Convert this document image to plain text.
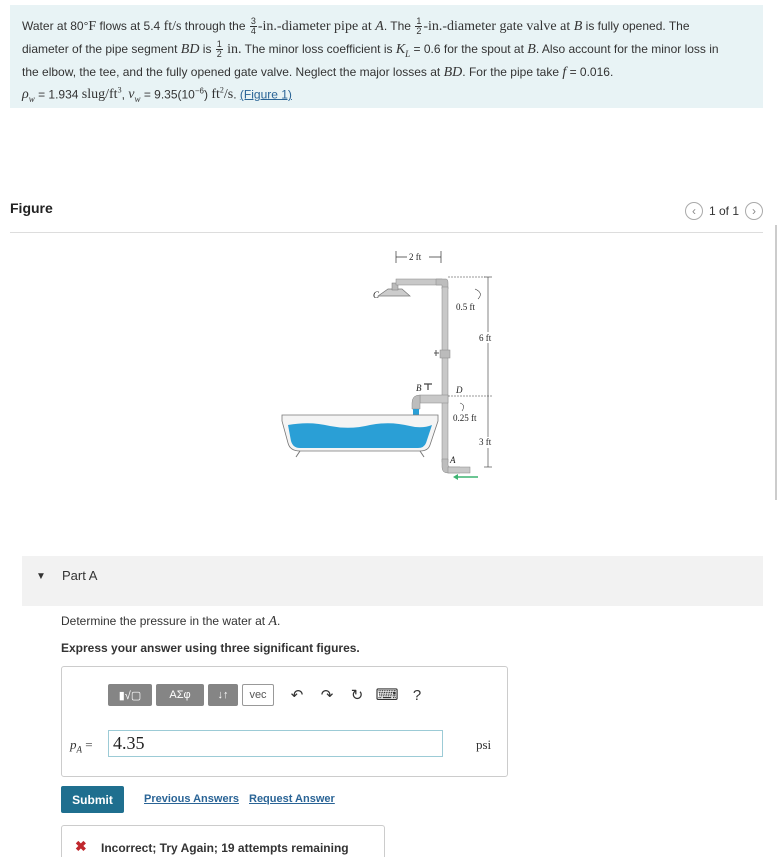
Water at 80°F flows at 5.4 ft/s through the $\frac{3}{4}$ -in.-diameter pipe at A. The $\frac{1}{2}$ -in.-diameter gate valve at B is fully opened. The
diameter of the pipe segment BD is $\frac{1}{2}$ in. The minor loss coefficient is $K_L = 0.6$ for the spout at B. Also account for the minor loss in
the elbow, the tee, and the fully opened gate valve. Neglect the major losses at BD. For the pipe take f = 0.016.
$\rho_w = 1.934$ slug/$ft^3$, $\nu_w = 9.35(10^{-6})$ $ft^2/s$. (Figure 1)
Figure	‹ 1 of 1 ›
2 ft
C
0.5 ft
6 ft
B	D
0.25 ft
3 ft
A
▼ Part A
Determine the pressure in the water at A.
Express your answer using three significant figures.
▮√▢	ΑΣφ	↓↑	vec	↶	↷	↻ ⌨ ?
$p_A = 4.35$	psi
Submit	Previous Answers Request Answer
✖ Incorrect; Try Again; 19 attempts remaining
